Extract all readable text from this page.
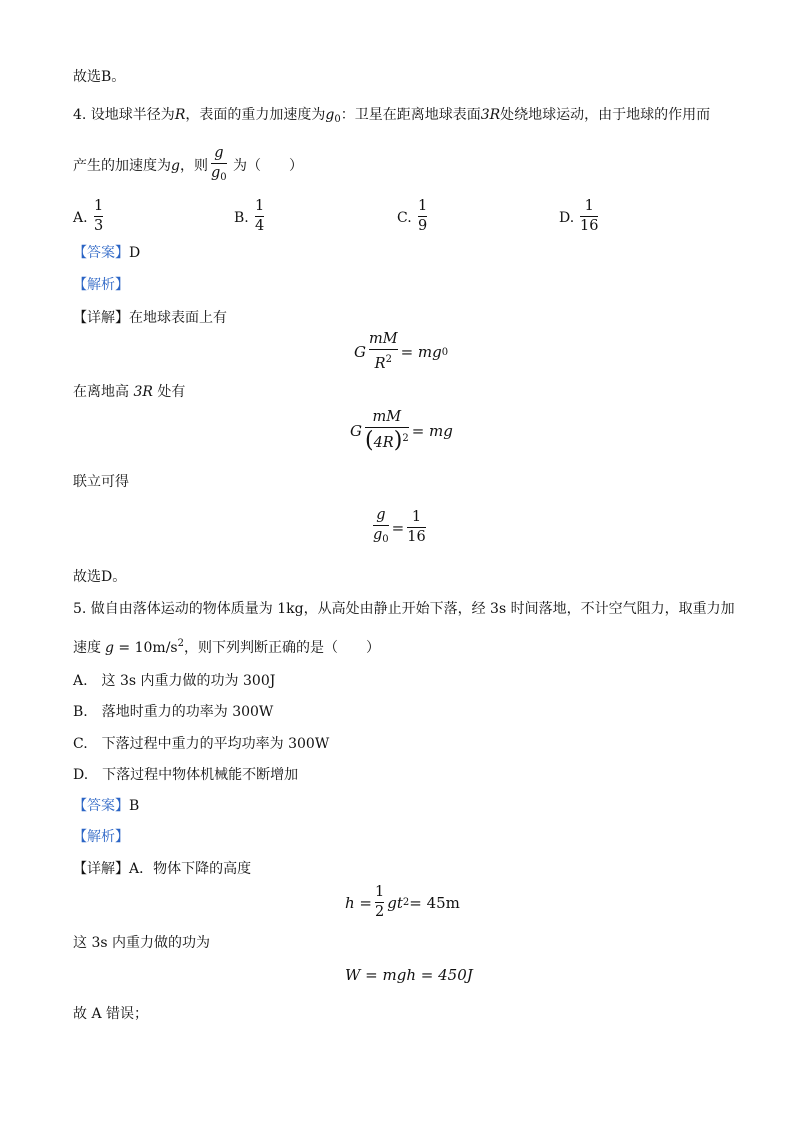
故选B。
4. 设地球半径为R，表面的重力加速度为$g_0$：卫星在距离地球表面3R处绕地球运动，由于地球的作用而
产生的加速度为g，则
g
$g_0$
为（　　）
A.
1
3	B.
1
4	C.
1
9	D.
1
16
【答案】D
【解析】
【详解】在地球表面上有
G $\frac{mM}{R^2}$ = mg 0
在离地高 3R 处有
G $\frac{mM}{(4R)^2}$ = mg
联立可得
$\frac{g}{g_0} = \frac{1}{16}$
故选D。
5. 做自由落体运动的物体质量为 1kg，从高处由静止开始下落，经 3s 时间落地，不计空气阻力，取重力加
速度 $g = 10m/s^2$，则下列判断正确的是（　　）
A.　这 3s 内重力做的功为 300J
B.　落地时重力的功率为 300W
C.　下落过程中重力的平均功率为 300W
D.　下落过程中物体机械能不断增加
【答案】B
【解析】
【详解】A．物体下降的高度
$h = \frac{1}{2}$ gt 2 = 45m
这 3s 内重力做的功为
W = mgh = 450J
故 A 错误；
